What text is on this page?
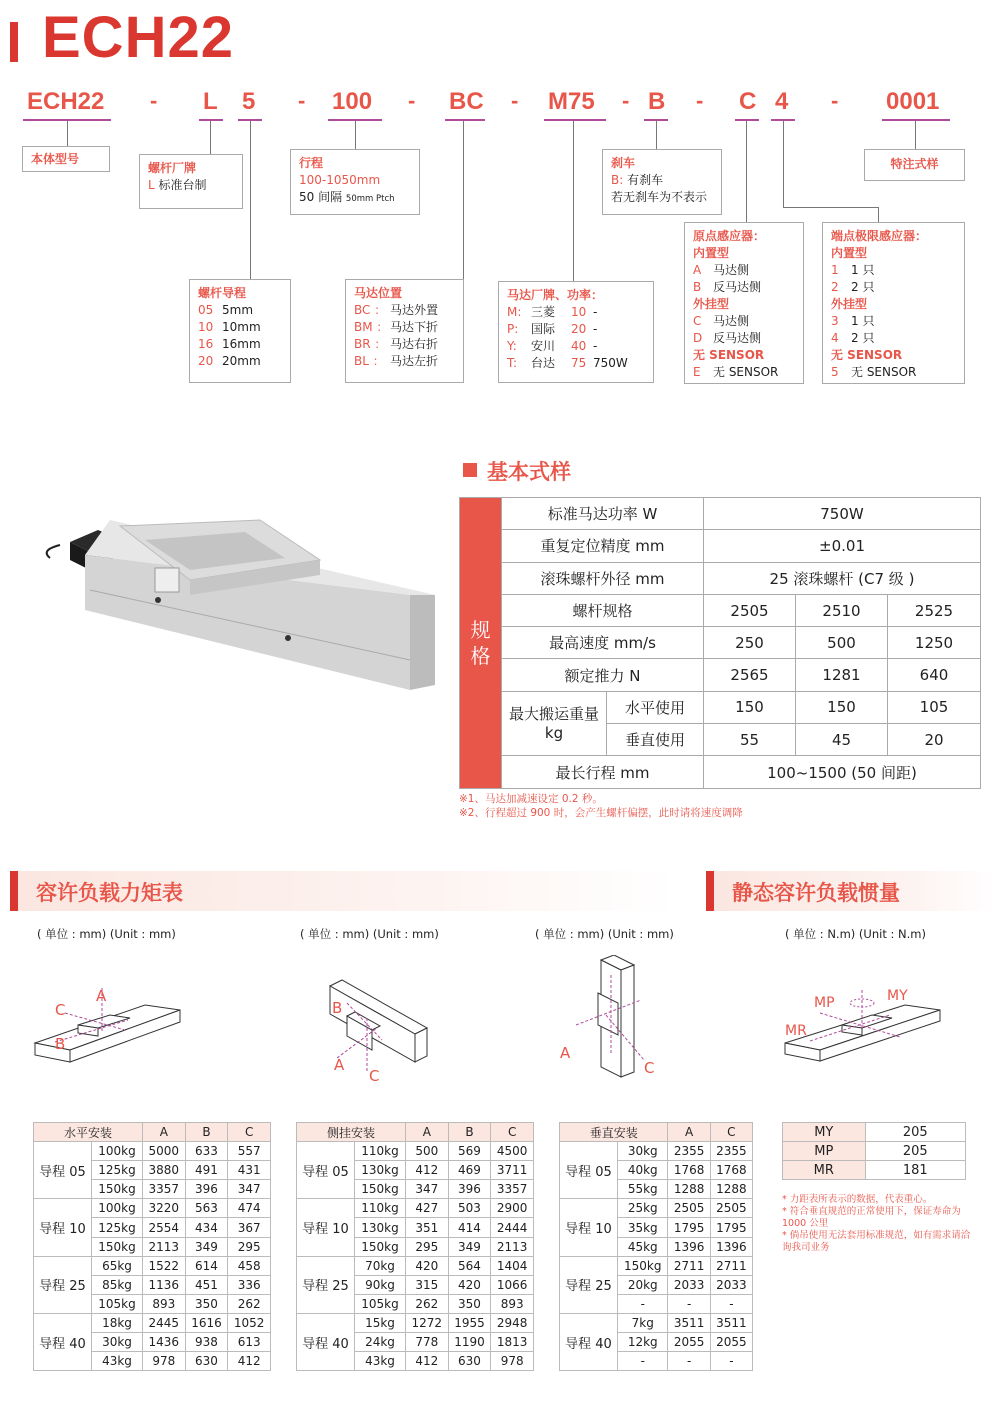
ECH22
ECH22	L 5	100	BC	M75 B	C 4	0001
-	-	-	-	-	-	-
本体型号
螺杆厂牌
L 标准台制
行程
100-1050mm
50 间隔 50mm Ptch
刹车
B: 有刹车
若无刹车为不表示
特注式样
螺杆导程
05 5mm
10 10mm
16 16mm
20 20mm
马达位置
BC ： 马达外置
BM ： 马达下折
BR ： 马达右折
BL ： 马达左折
马达厂牌、功率：
M: 三菱 10 -
P: 国际 20 -
Y: 安川 40 -
T: 台达 75 750W
原点感应器：
内置型
A 马达侧
B 反马达侧
外挂型
C 马达侧
D 反马达侧
无 SENSOR
E 无 SENSOR
端点极限感应器：
内置型
1 1 只
2 2 只
外挂型
3 1 只
4 2 只
无 SENSOR
5 无 SENSOR
基本式样
规格	标准马达功率 W		750W		
	重复定位精度 mm		±0.01		
	滚珠螺杆外径 mm		25 滚珠螺杆 (C7 级 )		
	螺杆规格		2505	2510	2525
	最高速度 mm/s		250	500	1250
	额定推力 N		2565	1281	640

	最大搬运重量
kg	水平使用	150	150	105
		垂直使用	55	45	20
	最长行程 mm		100~1500 (50 间距)		
※1、马达加减速设定 0.2 秒。
※2、行程超过 900 时，会产生螺杆偏摆，此时请将速度调降
容许负载力矩表	静态容许负载惯量
( 单位 : mm) (Unit : mm)	( 单位 : mm) (Unit : mm)	( 单位 : mm) (Unit : mm)	( 单位 : N.m) (Unit : N.m)
A
C
B
B
A
C
A
C
MP	MY
MR
水平安装		A	B	C
导程 05	100kg	5000	633	557
	125kg	3880	491	431
	150kg	3357	396	347
导程 10	100kg	3220	563	474
	125kg	2554	434	367
	150kg	2113	349	295
导程 25	65kg	1522	614	458
	85kg	1136	451	336
	105kg	893	350	262
导程 40	18kg	2445	1616	1052
	30kg	1436	938	613
	43kg	978	630	412
侧挂安装		A	B	C
导程 05	110kg	500	569	4500
	130kg	412	469	3711
	150kg	347	396	3357
导程 10	110kg	427	503	2900
	130kg	351	414	2444
	150kg	295	349	2113
导程 25	70kg	420	564	1404
	90kg	315	420	1066
	105kg	262	350	893
导程 40	15kg	1272	1955	2948
	24kg	778	1190	1813
	43kg	412	630	978
垂直安装		A	C
导程 05	30kg	2355	2355
	40kg	1768	1768
	55kg	1288	1288
导程 10	25kg	2505	2505
	35kg	1795	1795
	45kg	1396	1396
导程 25	150kg	2711	2711
	20kg	2033	2033
	-	-	-
导程 40	7kg	3511	3511
	12kg	2055	2055
	-	-	-
MY	205
MP	205
MR	181
* 力距表所表示的数据，代表重心。
* 符合垂直规范的正常使用下，保证寿命为 1000 公里
* 倘吊使用无法套用标准规范，如有需求请洽询我司业务
